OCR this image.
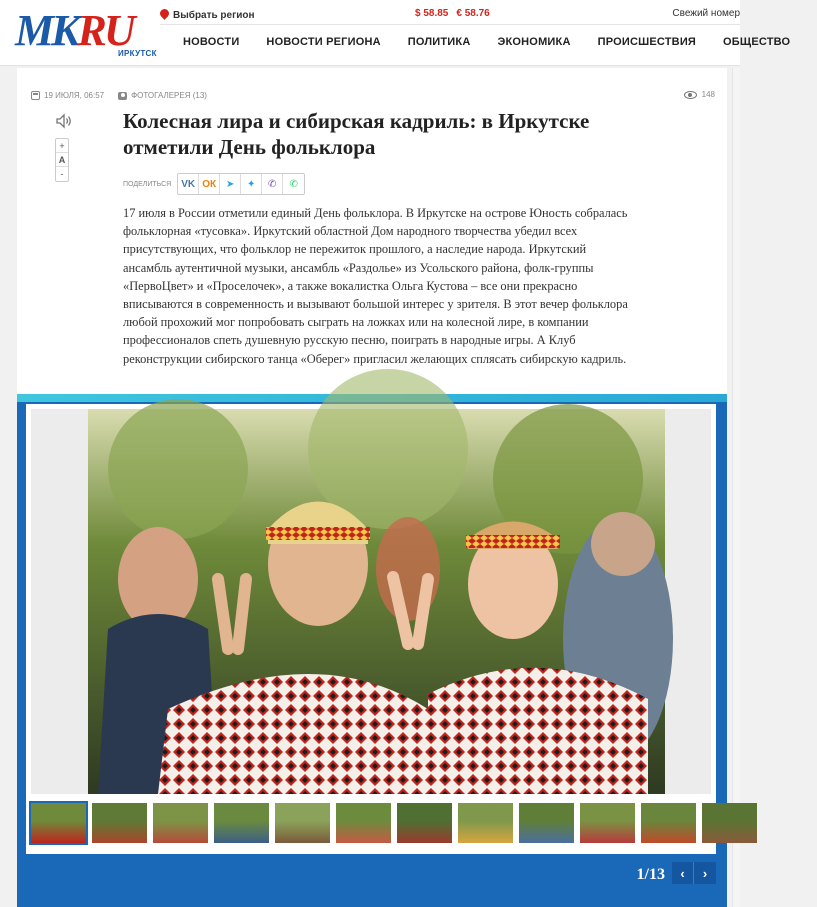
MKRU
ИРКУТСК
Выбрать регион	$ 58.85 € 58.76	Свежий номер
НОВОСТИ НОВОСТИ РЕГИОНА ПОЛИТИКА ЭКОНОМИКА ПРОИСШЕСТВИЯ ОБЩЕСТВО
19 ИЮЛЯ, 06:57	ФОТОГАЛЕРЕЯ (13)	148
+
A
-
Колесная лира и сибирская кадриль: в Иркутске отметили День фольклора
ПОДЕЛИТЬСЯ	VK ОК ➤	✦	✆	✆
17 июля в России отметили единый День фольклора. В Иркутске на острове Юность собралась фольклорная «тусовка». Иркутский областной Дом народного творчества убедил всех присутствующих, что фольклор не пережиток прошлого, а наследие народа. Иркутский ансамбль аутентичной музыки, ансамбль «Раздолье» из Усольского района, фолк-группы «ПервоЦвет» и «Проселочек», а также вокалистка Ольга Кустова – все они прекрасно вписываются в современность и вызывают большой интерес у зрителя. В этот вечер фольклора любой прохожий мог попробовать сыграть на ложках или на колесной лире, в компании профессионалов спеть душевную русскую песню, поиграть в народные игры. А Клуб реконструкции сибирского танца «Оберег» пригласил желающих сплясать сибирскую кадриль.
1/13	‹	›
